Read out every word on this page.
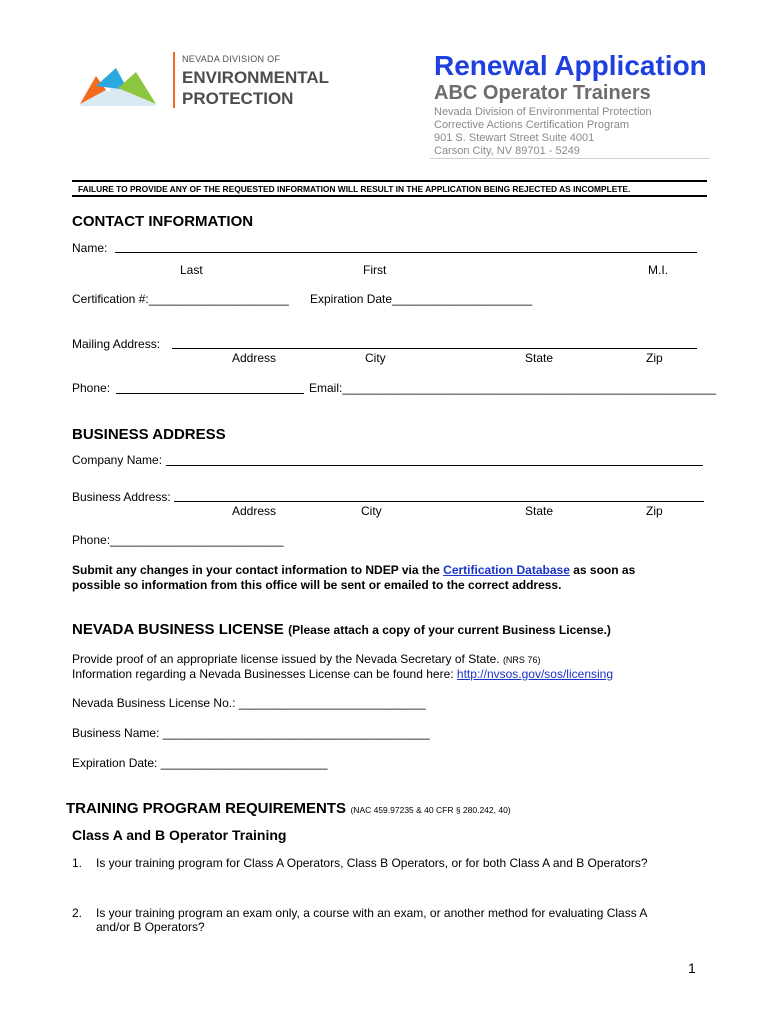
NEVADA DIVISION OF
ENVIRONMENTAL
PROTECTION
Renewal Application
ABC Operator Trainers
Nevada Division of Environmental Protection
Corrective Actions Certification Program
901 S. Stewart Street Suite 4001
Carson City, NV 89701 - 5249
FAILURE TO PROVIDE ANY OF THE REQUESTED INFORMATION WILL RESULT IN THE APPLICATION BEING REJECTED AS INCOMPLETE.
CONTACT INFORMATION
Name:
Last	First	M.I.
Certification #:_____________________ Expiration Date_____________________
Mailing Address:
Address	City	State	Zip
Phone:	Email:________________________________________________________
BUSINESS ADDRESS
Company Name:
Business Address:
Address	City	State	Zip
Phone:__________________________
Submit any changes in your contact information to NDEP via the Certification Database as soon as
possible so information from this office will be sent or emailed to the correct address.
NEVADA BUSINESS LICENSE (Please attach a copy of your current Business License.)
Provide proof of an appropriate license issued by the Nevada Secretary of State. (NRS 76)
Information regarding a Nevada Businesses License can be found here: http://nvsos.gov/sos/licensing
Nevada Business License No.: ____________________________
Business Name: ________________________________________
Expiration Date: _________________________
TRAINING PROGRAM REQUIREMENTS (NAC 459.97235 & 40 CFR § 280.242, 40)
Class A and B Operator Training
1. Is your training program for Class A Operators, Class B Operators, or for both Class A and B Operators?
2. Is your training program an exam only, a course with an exam, or another method for evaluating Class A
and/or B Operators?
1
